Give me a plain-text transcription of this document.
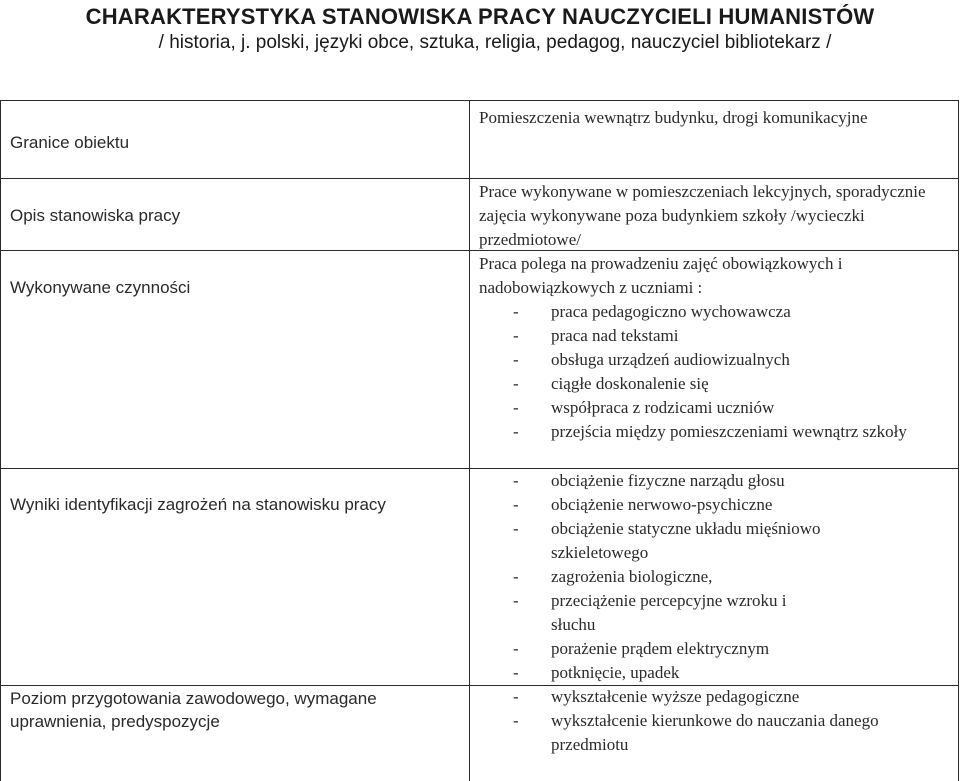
CHARAKTERYSTYKA STANOWISKA PRACY NAUCZYCIELI HUMANISTÓW

/ historia, j. polski, języki obce, sztuka, religia, pedagog, nauczyciel bibliotekarz /

Granice obiektu
Opis stanowiska pracy
Wykonywane czynności
Wyniki identyfikacji zagrożeń na stanowisku pracy
Poziom przygotowania zawodowego, wymagane uprawnienia, predyspozycje

Pomieszczenia wewnątrz budynku, drogi komunikacyjne

Prace wykonywane w pomieszczeniach lekcyjnych, sporadycznie zajęcia wykonywane poza budynkiem szkoły /wycieczki przedmiotowe/

Praca polega na prowadzeniu zajęć obowiązkowych i nadobowiązkowych z uczniami :

- praca pedagogiczno wychowawcza
- praca nad tekstami
- obsługa urządzeń audiowizualnych
- ciągłe doskonalenie się
- współpraca z rodzicami uczniów
- przejścia między pomieszczeniami wewnątrz szkoły
- obciążenie fizyczne narządu głosu
- obciążenie nerwowo-psychiczne
- obciążenie statyczne układu mięśniowo szkieletowego
- zagrożenia biologiczne,
- przeciążenie percepcyjne wzroku i słuchu
- porażenie prądem elektrycznym
- potknięcie, upadek
- wykształcenie wyższe pedagogiczne
- wykształcenie kierunkowe do nauczania danego przedmiotu
